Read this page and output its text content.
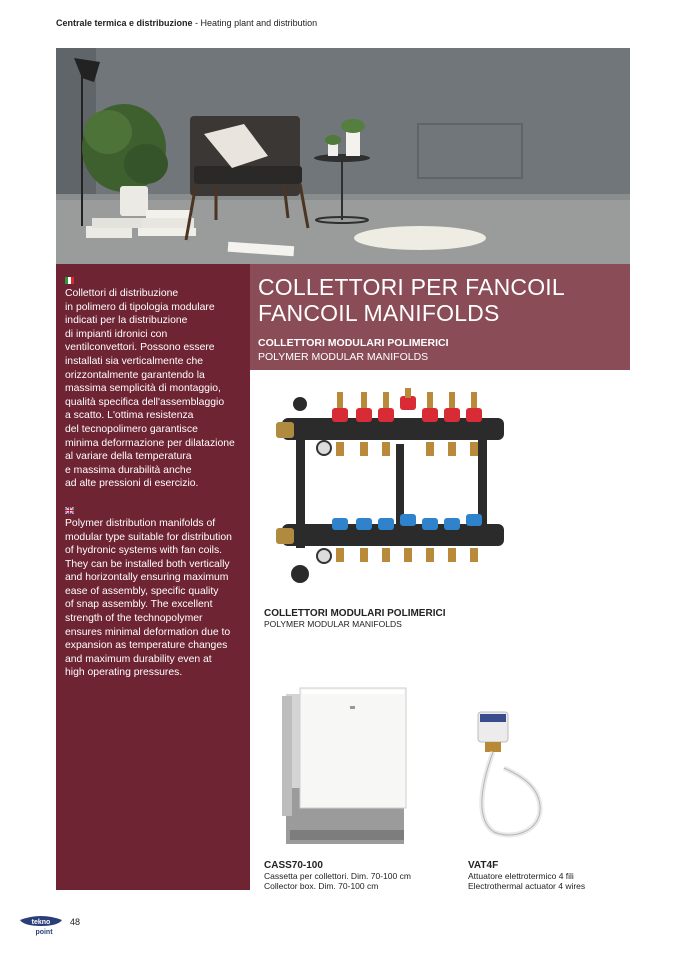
Centrale termica e distribuzione - Heating plant and distribution

Collettori di distribuzione
in polimero di tipologia modulare
indicati per la distribuzione
di impianti idronici con
ventilconvettori. Possono essere
installati sia verticalmente che
orizzontalmente garantendo la
massima semplicità di montaggio,
qualità specifica dell'assemblaggio
a scatto. L'ottima resistenza
del tecnopolimero garantisce
minima deformazione per dilatazione
al variare della temperatura
e massima durabilità anche
ad alte pressioni di esercizio.

Polymer distribution manifolds of
modular type suitable for distribution
of hydronic systems with fan coils.
They can be installed both vertically
and horizontally ensuring maximum
ease of assembly, specific quality
of snap assembly. The excellent
strength of the technopolymer
ensures minimal deformation due to
expansion as temperature changes
and maximum durability even at
high operating pressures.

COLLETTORI PER FANCOIL
FANCOIL MANIFOLDS
COLLETTORI MODULARI POLIMERICI
POLYMER MODULAR MANIFOLDS
COLLETTORI MODULARI POLIMERICI
POLYMER MODULAR MANIFOLDS
CASS70-100
Cassetta per collettori. Dim. 70-100 cm
Collector box. Dim. 70-100 cm
VAT4F
Attuatore elettrotermico 4 fili
Electrothermal actuator 4 wires
tekno
point
48
